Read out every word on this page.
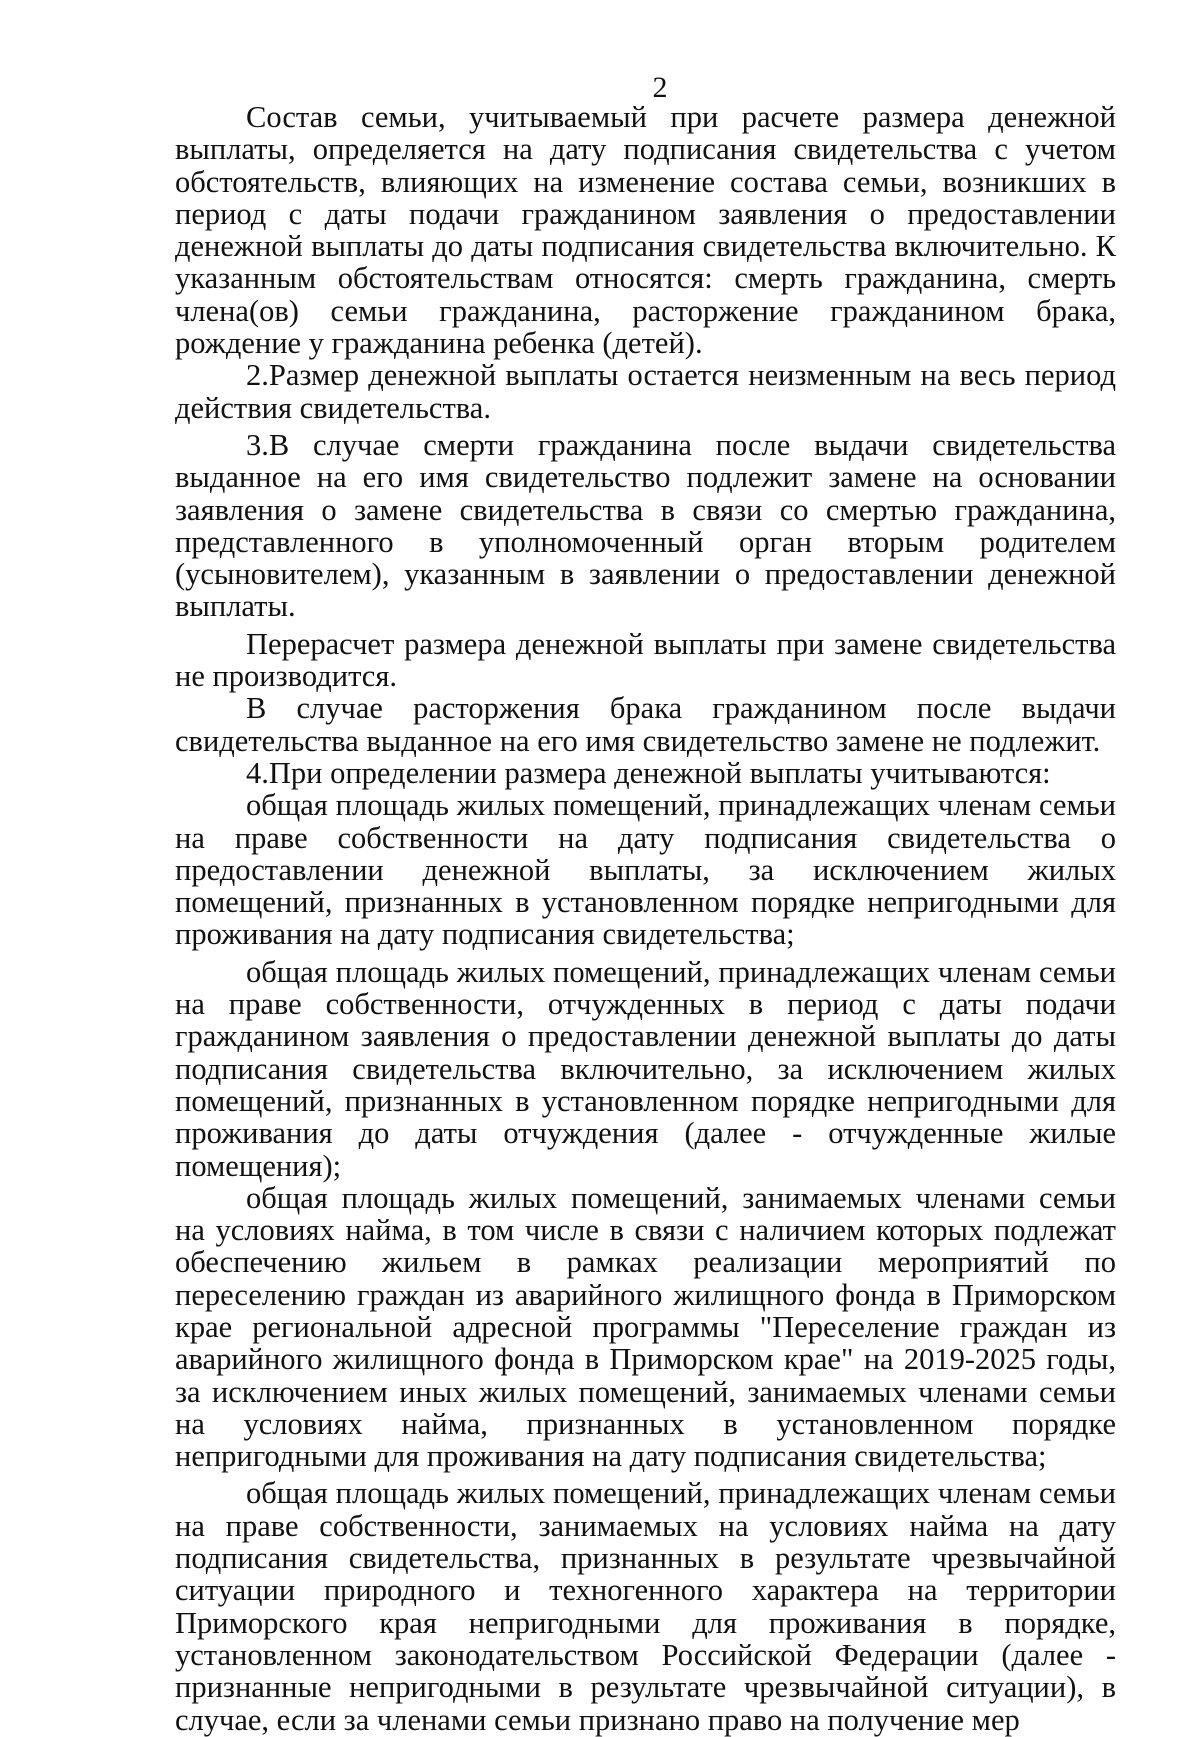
2

Состав семьи, учитываемый при расчете размера денежной выплаты, определяется на дату подписания свидетельства с учетом обстоятельств, влияющих на изменение состава семьи, возникших в период с даты подачи гражданином заявления о предоставлении денежной выплаты до даты подписания свидетельства включительно. К указанным обстоятельствам относятся: смерть гражданина, смерть члена(ов) семьи гражданина, расторжение гражданином брака, рождение у гражданина ребенка (детей).

2.Размер денежной выплаты остается неизменным на весь период действия свидетельства.

3.В случае смерти гражданина после выдачи свидетельства выданное на его имя свидетельство подлежит замене на основании заявления о замене свидетельства в связи со смертью гражданина, представленного в уполномоченный орган вторым родителем (усыновителем), указанным в заявлении о предоставлении денежной выплаты.

Перерасчет размера денежной выплаты при замене свидетельства не производится.

В случае расторжения брака гражданином после выдачи свидетельства выданное на его имя свидетельство замене не подлежит.

4.При определении размера денежной выплаты учитываются:

общая площадь жилых помещений, принадлежащих членам семьи на праве собственности на дату подписания свидетельства о предоставлении денежной выплаты, за исключением жилых помещений, признанных в установленном порядке непригодными для проживания на дату подписания свидетельства;

общая площадь жилых помещений, принадлежащих членам семьи на праве собственности, отчужденных в период с даты подачи гражданином заявления о предоставлении денежной выплаты до даты подписания свидетельства включительно, за исключением жилых помещений, признанных в установленном порядке непригодными для проживания до даты отчуждения (далее - отчужденные жилые помещения);

общая площадь жилых помещений, занимаемых членами семьи на условиях найма, в том числе в связи с наличием которых подлежат обеспечению жильем в рамках реализации мероприятий по переселению граждан из аварийного жилищного фонда в Приморском крае региональной адресной программы "Переселение граждан из аварийного жилищного фонда в Приморском крае" на 2019-2025 годы, за исключением иных жилых помещений, занимаемых членами семьи на условиях найма, признанных в установленном порядке непригодными для проживания на дату подписания свидетельства;

общая площадь жилых помещений, принадлежащих членам семьи на праве собственности, занимаемых на условиях найма на дату подписания свидетельства, признанных в результате чрезвычайной ситуации природного и техногенного характера на территории Приморского края непригодными для проживания в порядке, установленном законодательством Российской Федерации (далее - признанные непригодными в результате чрезвычайной ситуации), в случае, если за членами семьи признано право на получение мер
